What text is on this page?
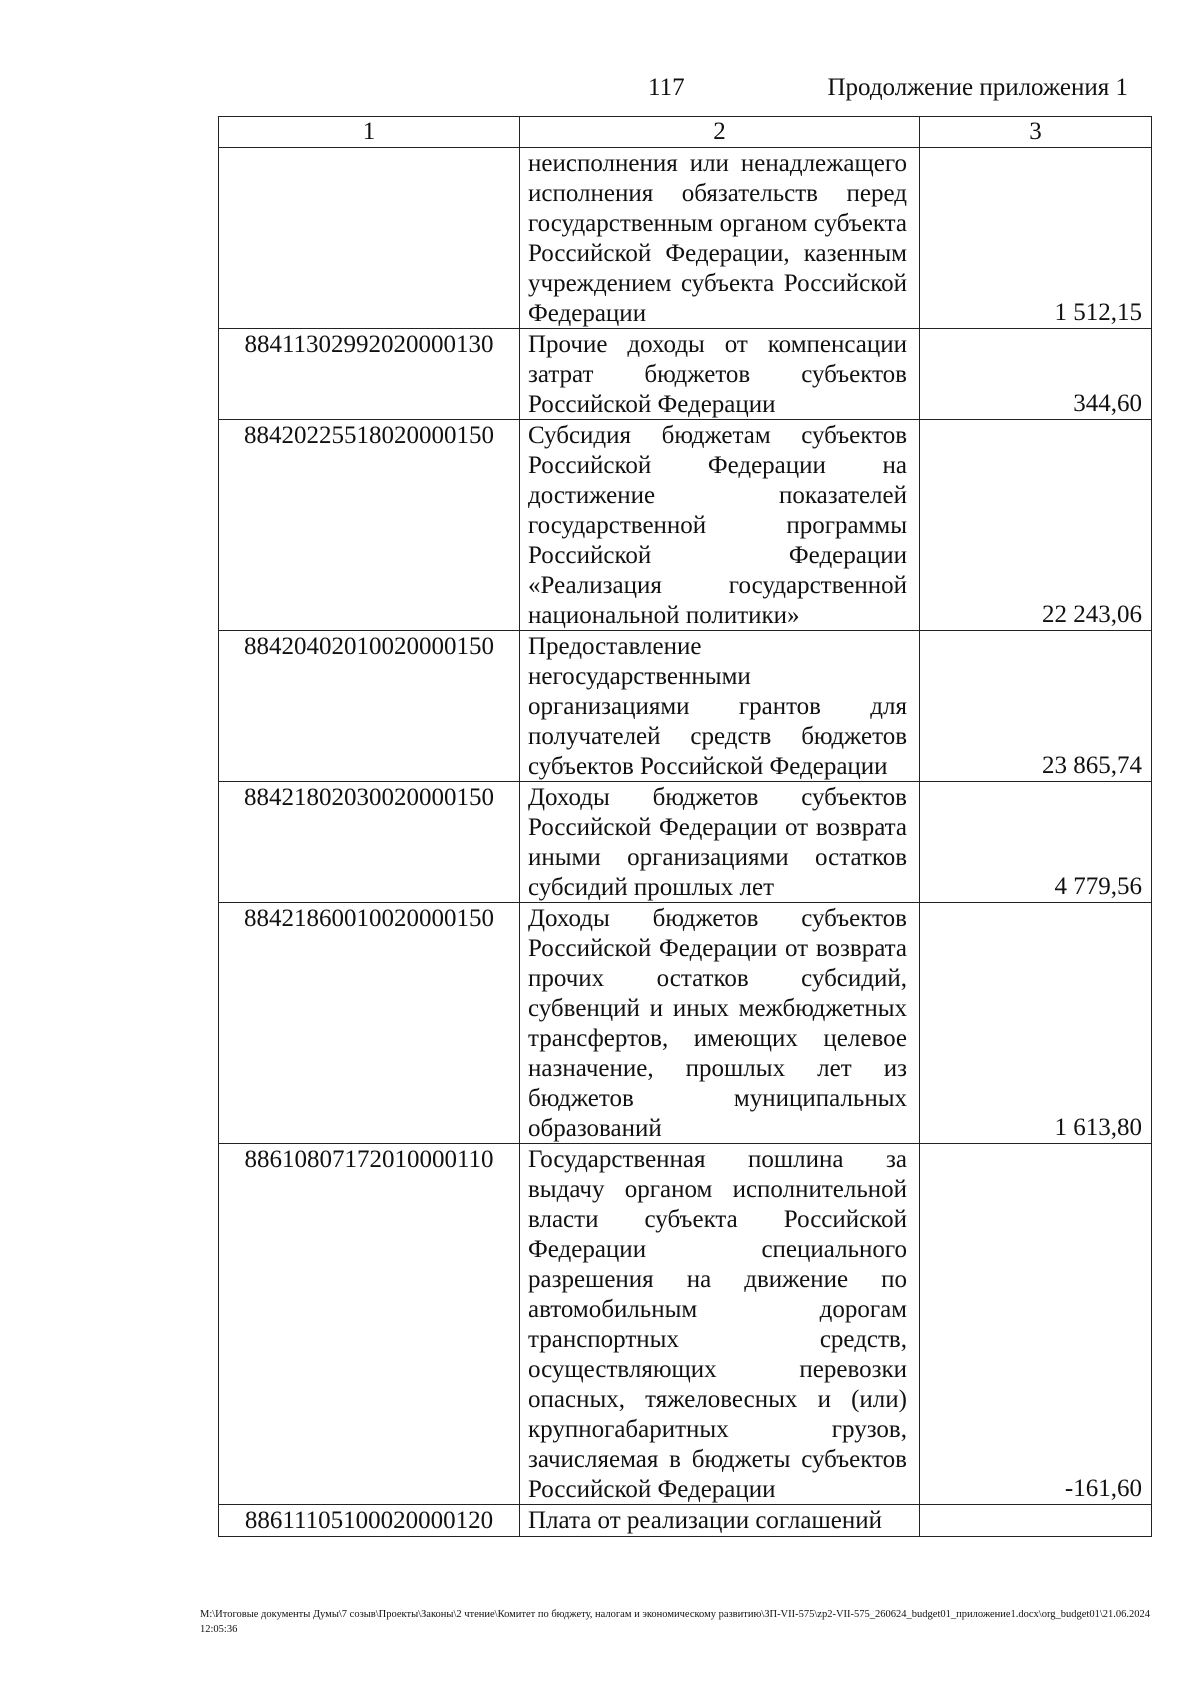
117	Продолжение приложения 1
1	2	3

	неисполнения или ненадлежащего исполнения обязательств перед государственным органом субъекта Российской Федерации, казенным учреждением субъекта Российской Федерации	1 512,15
88411302992020000130	Прочие доходы от компенсации затрат бюджетов субъектов Российской Федерации	344,60
88420225518020000150	Субсидия бюджетам субъектов Российской Федерации на достижение показателей государственной программы Российской Федерации «Реализация государственной национальной политики»	22 243,06
88420402010020000150	Предоставление негосударственными организациями грантов для получателей средств бюджетов субъектов Российской Федерации	23 865,74
88421802030020000150	Доходы бюджетов субъектов Российской Федерации от возврата иными организациями остатков субсидий прошлых лет	4 779,56
88421860010020000150	Доходы бюджетов субъектов Российской Федерации от возврата прочих остатков субсидий, субвенций и иных межбюджетных трансфертов, имеющих целевое назначение, прошлых лет из бюджетов муниципальных образований	1 613,80
88610807172010000110	Государственная пошлина за выдачу органом исполнительной власти субъекта Российской Федерации специального разрешения на движение по автомобильным дорогам транспортных средств, осуществляющих перевозки опасных, тяжеловесных и (или) крупногабаритных грузов, зачисляемая в бюджеты субъектов Российской Федерации	-161,60
88611105100020000120	Плата от реализации соглашений	

М:\Итоговые документы Думы\7 созыв\Проекты\Законы\2 чтение\Комитет по бюджету, налогам и экономическому развитию\ЗП-VII-575\zp2-VII-575_260624_budget01_приложение1.docx\org_budget01\21.06.2024 12:05:36
